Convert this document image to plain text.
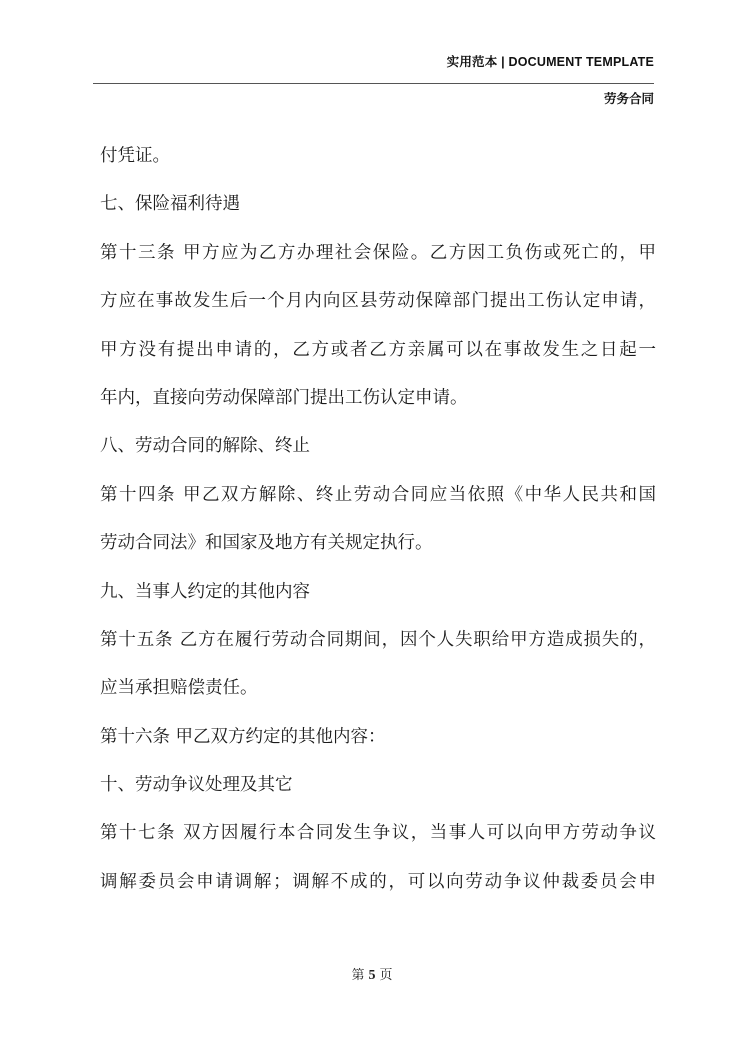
实用范本 | DOCUMENT TEMPLATE
劳务合同
付凭证。
七、保险福利待遇
第十三条 甲方应为乙方办理社会保险。乙方因工负伤或死亡的，甲
方应在事故发生后一个月内向区县劳动保障部门提出工伤认定申请，
甲方没有提出申请的，乙方或者乙方亲属可以在事故发生之日起一
年内，直接向劳动保障部门提出工伤认定申请。
八、劳动合同的解除、终止
第十四条 甲乙双方解除、终止劳动合同应当依照《中华人民共和国
劳动合同法》和国家及地方有关规定执行。
九、当事人约定的其他内容
第十五条 乙方在履行劳动合同期间，因个人失职给甲方造成损失的，
应当承担赔偿责任。
第十六条 甲乙双方约定的其他内容：
十、劳动争议处理及其它
第十七条 双方因履行本合同发生争议，当事人可以向甲方劳动争议
调解委员会申请调解；调解不成的，可以向劳动争议仲裁委员会申
第 5 页
